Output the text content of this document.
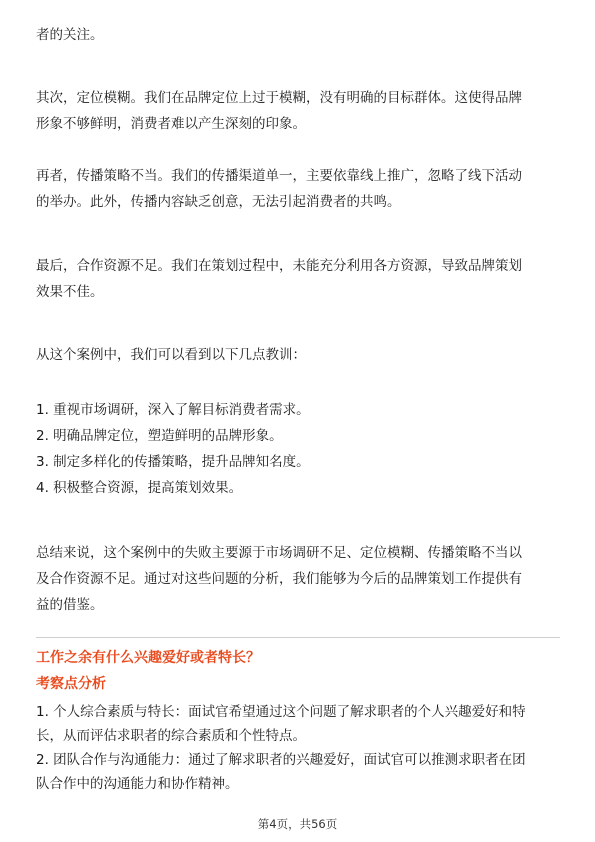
者的关注。

其次，定位模糊。我们在品牌定位上过于模糊，没有明确的目标群体。这使得品牌

形象不够鲜明，消费者难以产生深刻的印象。

再者，传播策略不当。我们的传播渠道单一，主要依靠线上推广，忽略了线下活动

的举办。此外，传播内容缺乏创意，无法引起消费者的共鸣。

最后，合作资源不足。我们在策划过程中，未能充分利用各方资源，导致品牌策划

效果不佳。

从这个案例中，我们可以看到以下几点教训：

1. 重视市场调研，深入了解目标消费者需求。

2. 明确品牌定位，塑造鲜明的品牌形象。

3. 制定多样化的传播策略，提升品牌知名度。

4. 积极整合资源，提高策划效果。

总结来说，这个案例中的失败主要源于市场调研不足、定位模糊、传播策略不当以

及合作资源不足。通过对这些问题的分析，我们能够为今后的品牌策划工作提供有

益的借鉴。

工作之余有什么兴趣爱好或者特长？
考察点分析

1. 个人综合素质与特长：面试官希望通过这个问题了解求职者的个人兴趣爱好和特

长，从而评估求职者的综合素质和个性特点。

2. 团队合作与沟通能力：通过了解求职者的兴趣爱好，面试官可以推测求职者在团

队合作中的沟通能力和协作精神。

第4页，共56页
